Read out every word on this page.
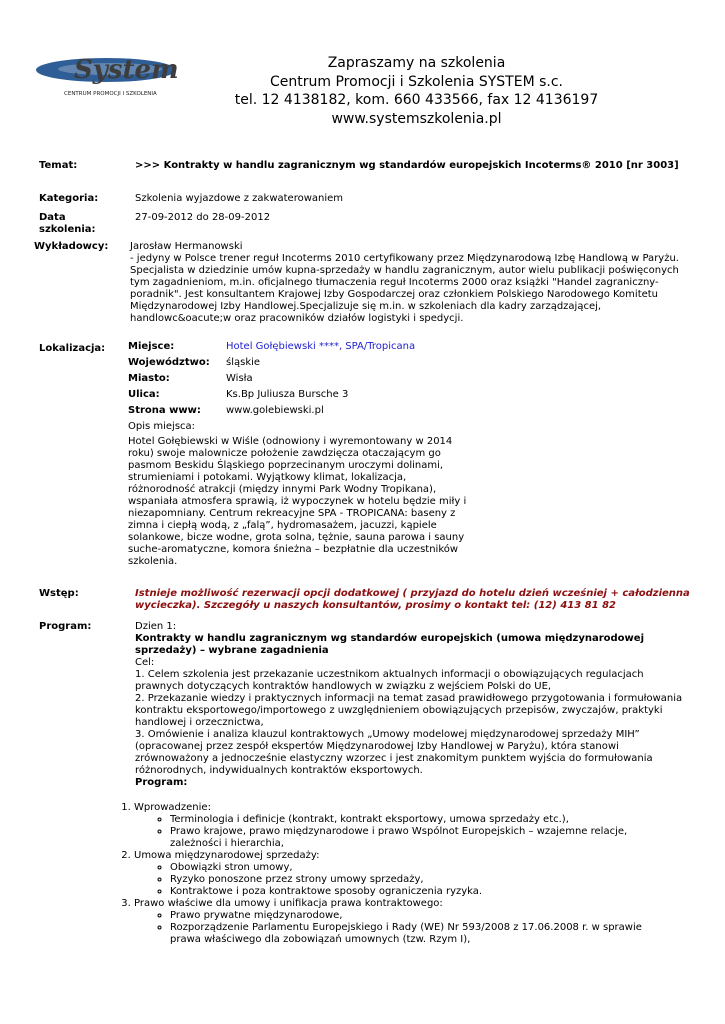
System
CENTRUM PROMOCJI I SZKOLENIA
Zapraszamy na szkolenia
Centrum Promocji i Szkolenia SYSTEM s.c.
tel. 12 4138182, kom. 660 433566, fax 12 4136197
www.systemszkolenia.pl
Temat:	>>> Kontrakty w handlu zagranicznym wg standardów europejskich Incoterms® 2010 [nr 3003]
Kategoria:	Szkolenia wyjazdowe z zakwaterowaniem
Data szkolenia:
27-09-2012 do 28-09-2012
Wykładowcy: Jarosław Hermanowski
- jedyny w Polsce trener reguł Incoterms 2010 certyfikowany przez Międzynarodową Izbę Handlową w Paryżu. Specjalista w dziedzinie umów kupna-sprzedaży w handlu zagranicznym, autor wielu publikacji poświęconych tym zagadnieniom, m.in. oficjalnego tłumaczenia reguł Incoterms 2000 oraz książki "Handel zagraniczny-poradnik". Jest konsultantem Krajowej Izby Gospodarczej oraz członkiem Polskiego Narodowego Komitetu Międzynarodowej Izby Handlowej.Specjalizuje się m.in. w szkoleniach dla kadry zarządzającej, handlowc&oacute;w oraz pracowników działów logistyki i spedycji.
Lokalizacja: Miejsce:	Hotel Gołębiewski ****, SPA/Tropicana
Województwo:	śląskie
Miasto:	Wisła
Ulica:	Ks.Bp Juliusza Bursche 3
Strona www:	www.golebiewski.pl
Opis miejsca:
Hotel Gołębiewski w Wiśle (odnowiony i wyremontowany w 2014 roku) swoje malownicze położenie zawdzięcza otaczającym go pasmom Beskidu Śląskiego poprzecinanym uroczymi dolinami, strumieniami i potokami. Wyjątkowy klimat, lokalizacja, różnorodność atrakcji (między innymi Park Wodny Tropikana), wspaniała atmosfera sprawią, iż wypoczynek w hotelu będzie miły i niezapomniany. Centrum rekreacyjne SPA - TROPICANA: baseny z zimna i ciepłą wodą, z „falą”, hydromasażem, jacuzzi, kąpiele solankowe, bicze wodne, grota solna, tężnie, sauna parowa i sauny suche-aromatyczne, komora śnieżna – bezpłatnie dla uczestników szkolenia.
Wstęp:	Istnieje możliwość rezerwacji opcji dodatkowej ( przyjazd do hotelu dzień wcześniej + całodzienna wycieczka). Szczegóły u naszych konsultantów, prosimy o kontakt tel: (12) 413 81 82
Program:	Dzien 1:
Kontrakty w handlu zagranicznym wg standardów europejskich (umowa międzynarodowej sprzedaży) – wybrane zagadnienia
Cel:
1. Celem szkolenia jest przekazanie uczestnikom aktualnych informacji o obowiązujących regulacjach prawnych dotyczących kontraktów handlowych w związku z wejściem Polski do UE,
2. Przekazanie wiedzy i praktycznych informacji na temat zasad prawidłowego przygotowania i formułowania kontraktu eksportowego/importowego z uwzględnieniem obowiązujących przepisów, zwyczajów, praktyki handlowej i orzecznictwa,
3. Omówienie i analiza klauzul kontraktowych „Umowy modelowej międzynarodowej sprzedaży MIH” (opracowanej przez zespół ekspertów Międzynarodowej Izby Handlowej w Paryżu), która stanowi zrównoważony a jednocześnie elastyczny wzorzec i jest znakomitym punktem wyjścia do formułowania różnorodnych, indywidualnych kontraktów eksportowych.
Program:
1. Wprowadzenie:
◦ Terminologia i definicje (kontrakt, kontrakt eksportowy, umowa sprzedaży etc.),
◦ Prawo krajowe, prawo międzynarodowe i prawo Wspólnot Europejskich – wzajemne relacje, zależności i hierarchia,
2. Umowa międzynarodowej sprzedaży:
◦ Obowiązki stron umowy,
◦ Ryzyko ponoszone przez strony umowy sprzedaży,
◦ Kontraktowe i poza kontraktowe sposoby ograniczenia ryzyka.
3. Prawo właściwe dla umowy i unifikacja prawa kontraktowego:
◦ Prawo prywatne międzynarodowe,
◦ Rozporządzenie Parlamentu Europejskiego i Rady (WE) Nr 593/2008 z 17.06.2008 r. w sprawie prawa właściwego dla zobowiązań umownych (tzw. Rzym I),
